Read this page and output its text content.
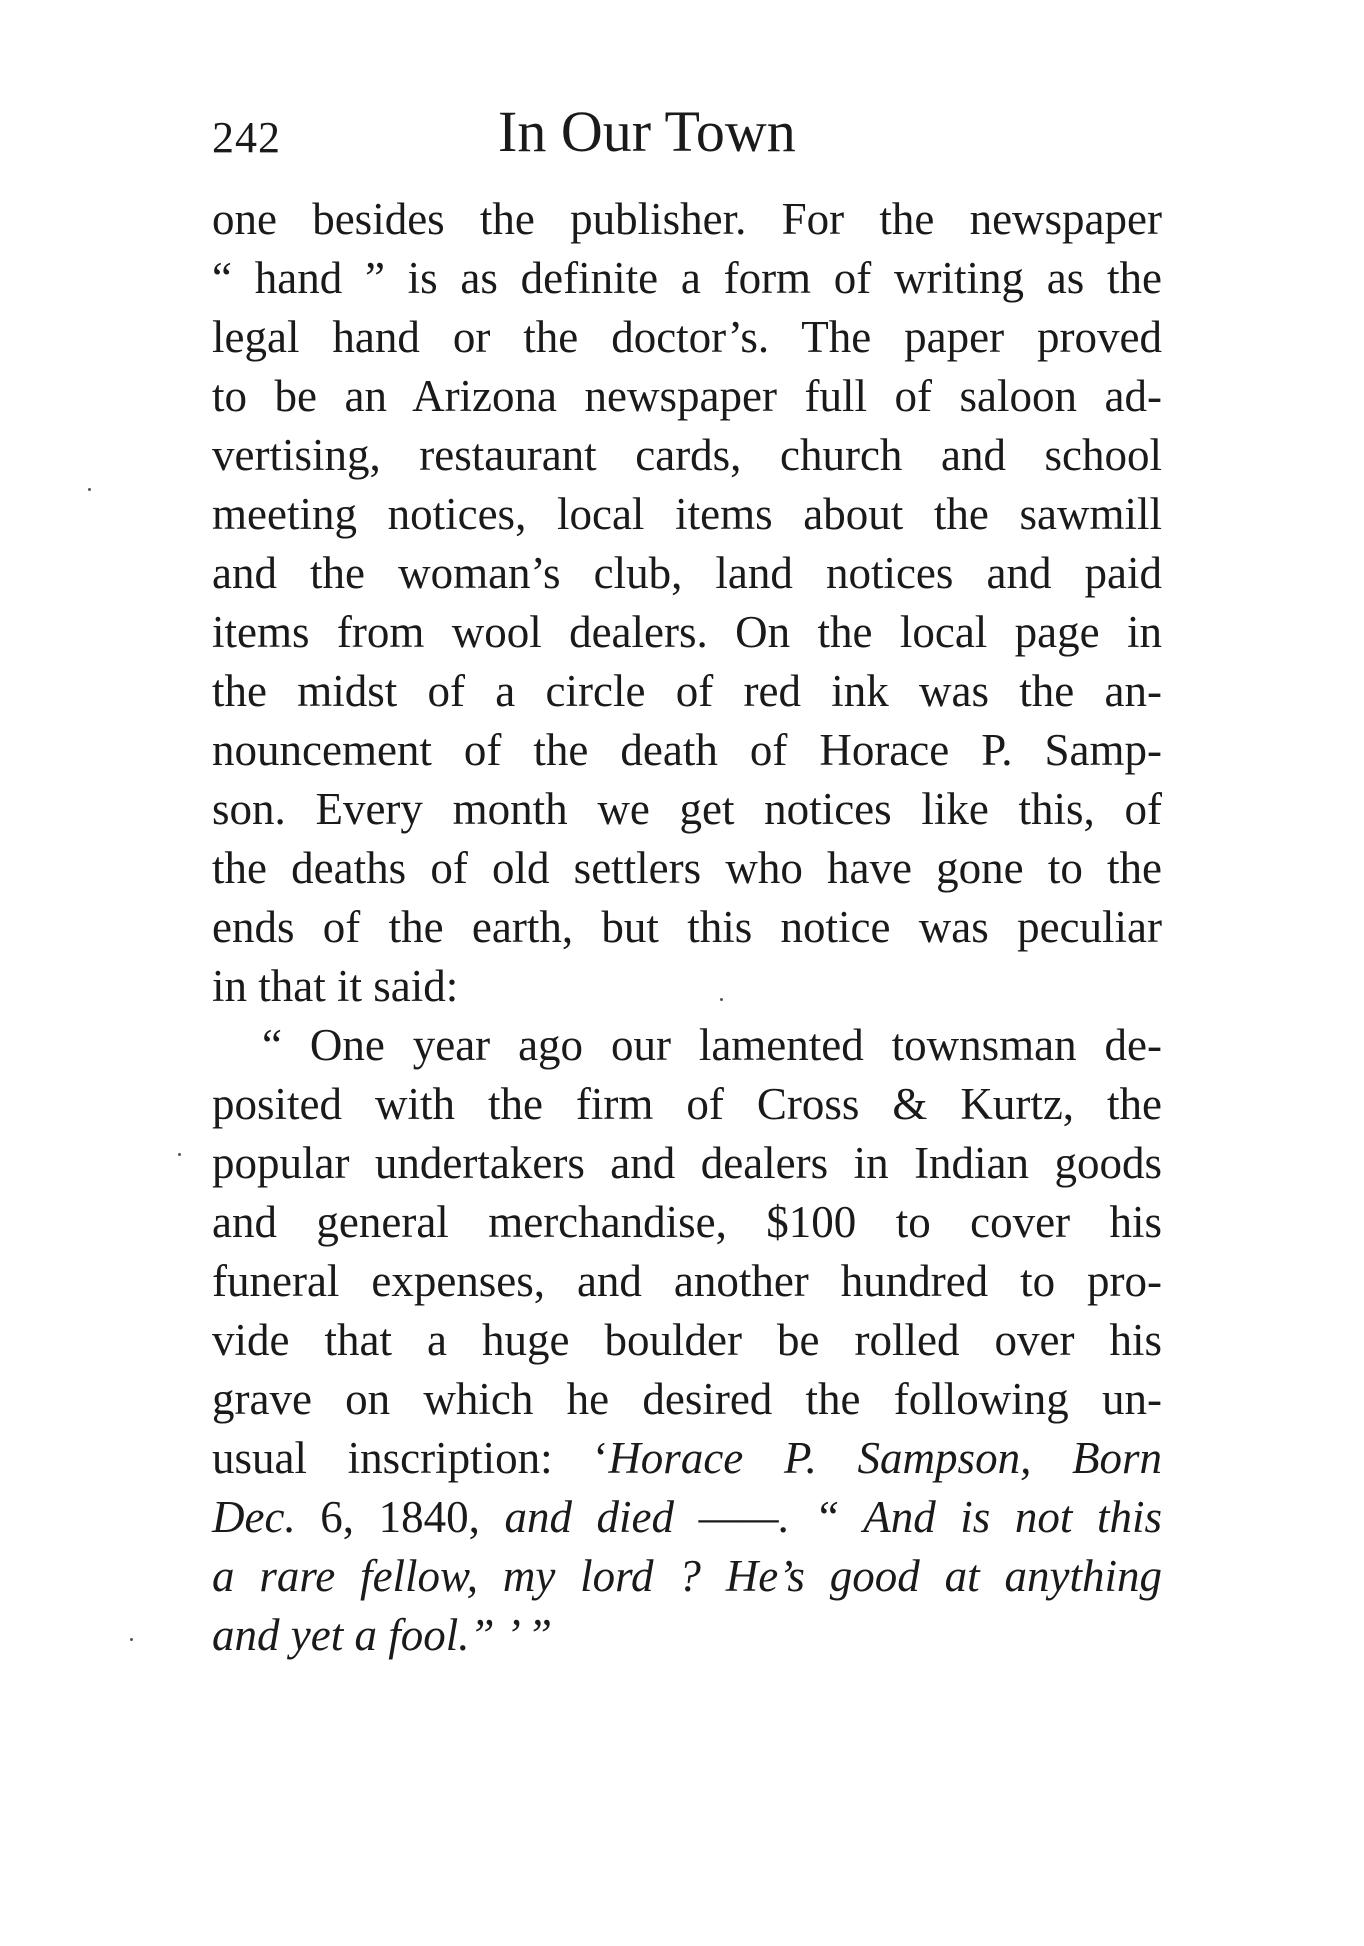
242	In Our Town
one besides the publisher. For the newspaper
“ hand ” is as definite a form of writing as the
legal hand or the doctor’s. The paper proved
to be an Arizona newspaper full of saloon ad-
vertising, restaurant cards, church and school
meeting notices, local items about the sawmill
and the woman’s club, land notices and paid
items from wool dealers. On the local page in
the midst of a circle of red ink was the an-
nouncement of the death of Horace P. Samp-
son. Every month we get notices like this, of
the deaths of old settlers who have gone to the
ends of the earth, but this notice was peculiar
in that it said:
“ One year ago our lamented townsman de-
posited with the firm of Cross & Kurtz, the
popular undertakers and dealers in Indian goods
and general merchandise, $100 to cover his
funeral expenses, and another hundred to pro-
vide that a huge boulder be rolled over his
grave on which he desired the following un-
usual inscription: ‘Horace P. Sampson, Born
Dec. 6, 1840, and died ——. “ And is not this
a rare fellow, my lord ? He’s good at anything
and yet a fool.” ’ ”
